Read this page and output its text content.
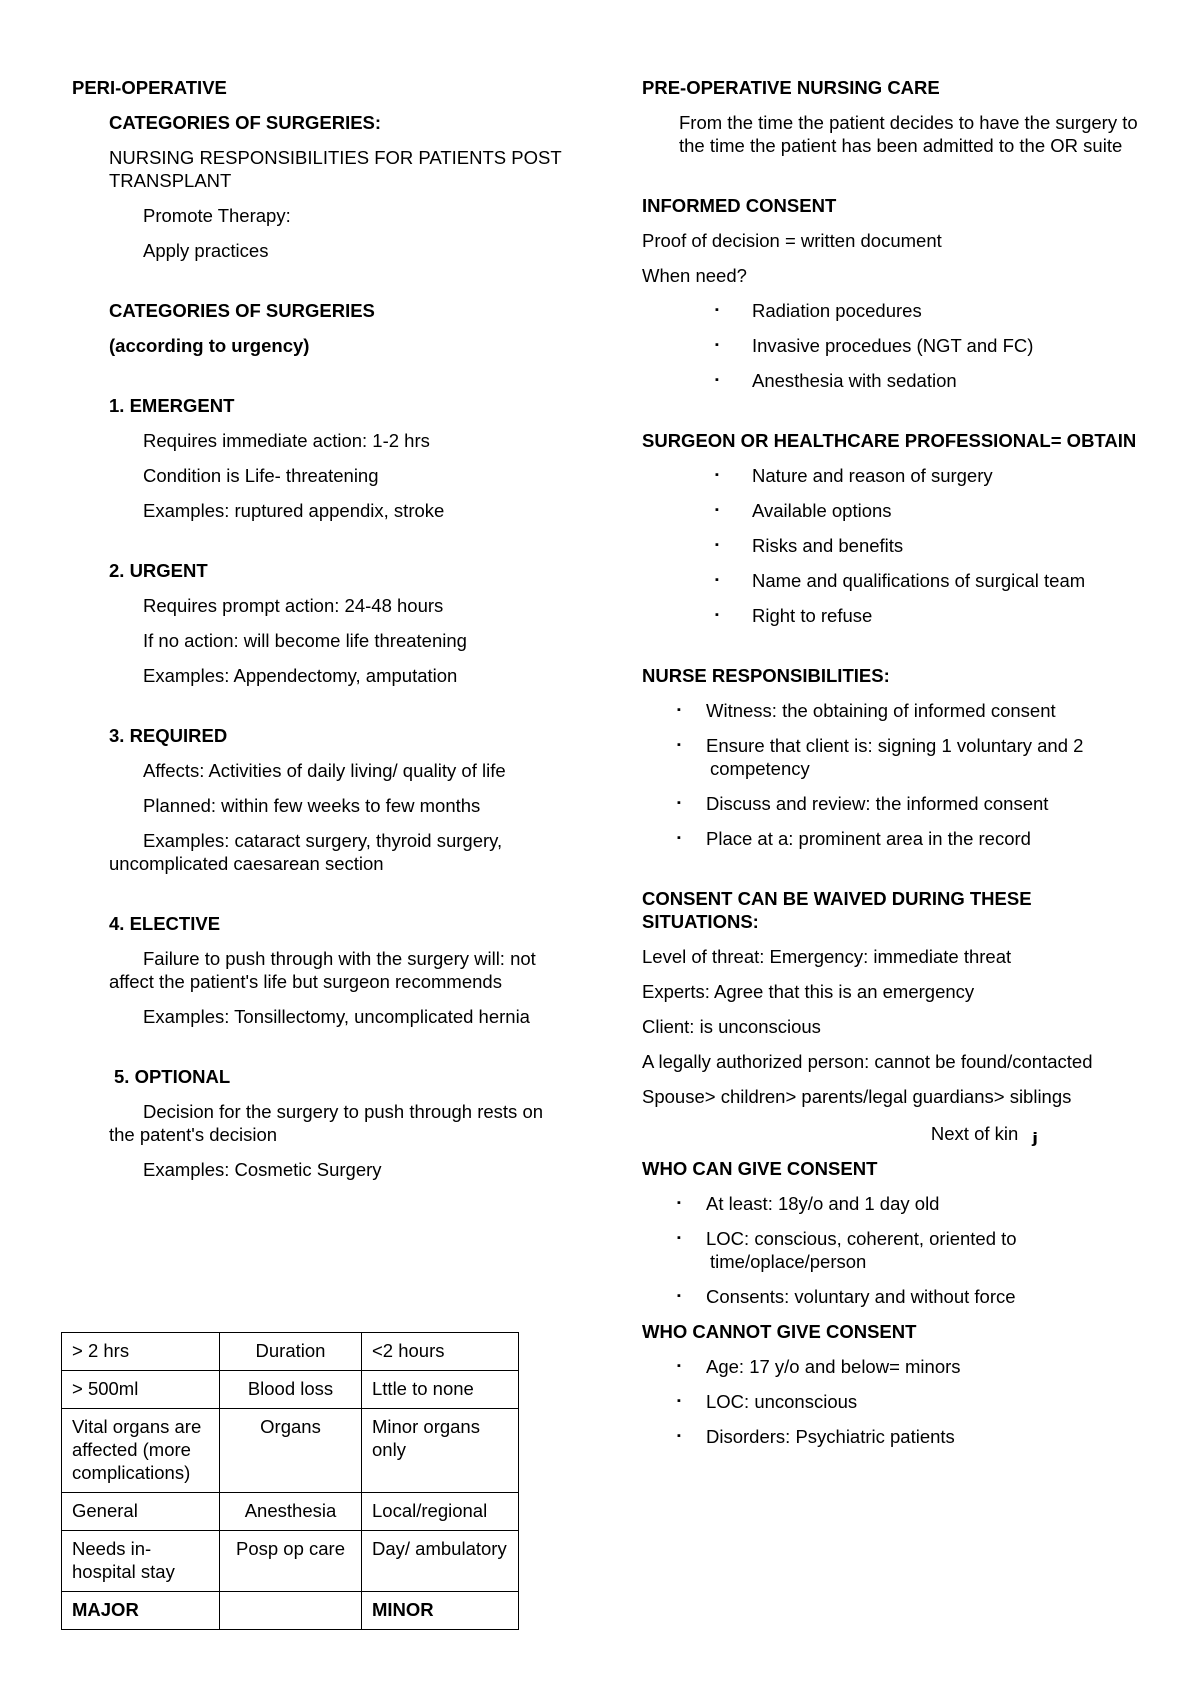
PERI-OPERATIVE

CATEGORIES OF SURGERIES:

NURSING RESPONSIBILITIES FOR PATIENTS POST TRANSPLANT

Promote Therapy:

Apply practices

CATEGORIES OF SURGERIES

(according to urgency)

1. EMERGENT

Requires immediate action: 1-2 hrs

Condition is Life- threatening

Examples: ruptured appendix, stroke

2. URGENT

Requires prompt action: 24-48 hours

If no action: will become life threatening

Examples: Appendectomy, amputation

3. REQUIRED

Affects: Activities of daily living/ quality of life

Planned: within few weeks to few months

Examples: cataract surgery, thyroid surgery, uncomplicated caesarean section

4. ELECTIVE

Failure to push through with the surgery will: not affect the patient's life but surgeon recommends

Examples: Tonsillectomy, uncomplicated hernia

5. OPTIONAL

Decision for the surgery to push through rests on the patent's decision

Examples: Cosmetic Surgery

> 2 hrs	Duration	<2 hours
> 500ml	Blood loss	Lttle to none
Vital organs are affected (more complications)	Organs	Minor organs only
General	Anesthesia	Local/regional
Needs in-hospital stay	Posp op care	Day/ ambulatory
MAJOR		MINOR

PRE-OPERATIVE NURSING CARE

From the time the patient decides to have the surgery to the time the patient has been admitted to the OR suite

INFORMED CONSENT

Proof of decision = written document

When need?

▪ Radiation pocedures
▪ Invasive procedues (NGT and FC)
▪ Anesthesia with sedation

SURGEON OR HEALTHCARE PROFESSIONAL= OBTAIN

▪ Nature and reason of surgery
▪ Available options
▪ Risks and benefits
▪ Name and qualifications of surgical team
▪ Right to refuse

NURSE RESPONSIBILITIES:

▪ Witness: the obtaining of informed consent
▪ Ensure that client is: signing 1 voluntary and 2 competency
▪ Discuss and review: the informed consent
▪ Place at a: prominent area in the record

CONSENT CAN BE WAIVED DURING THESE SITUATIONS:

Level of threat: Emergency: immediate threat

Experts: Agree that this is an emergency

Client: is unconscious

A legally authorized person: cannot be found/contacted

Spouse> children> parents/legal guardians> siblings

Next of kin ⱼ

WHO CAN GIVE CONSENT

▪ At least: 18y/o and 1 day old
▪ LOC: conscious, coherent, oriented to time/oplace/person
▪ Consents: voluntary and without force

WHO CANNOT GIVE CONSENT

▪ Age: 17 y/o and below= minors
▪ LOC: unconscious
▪ Disorders: Psychiatric patients
